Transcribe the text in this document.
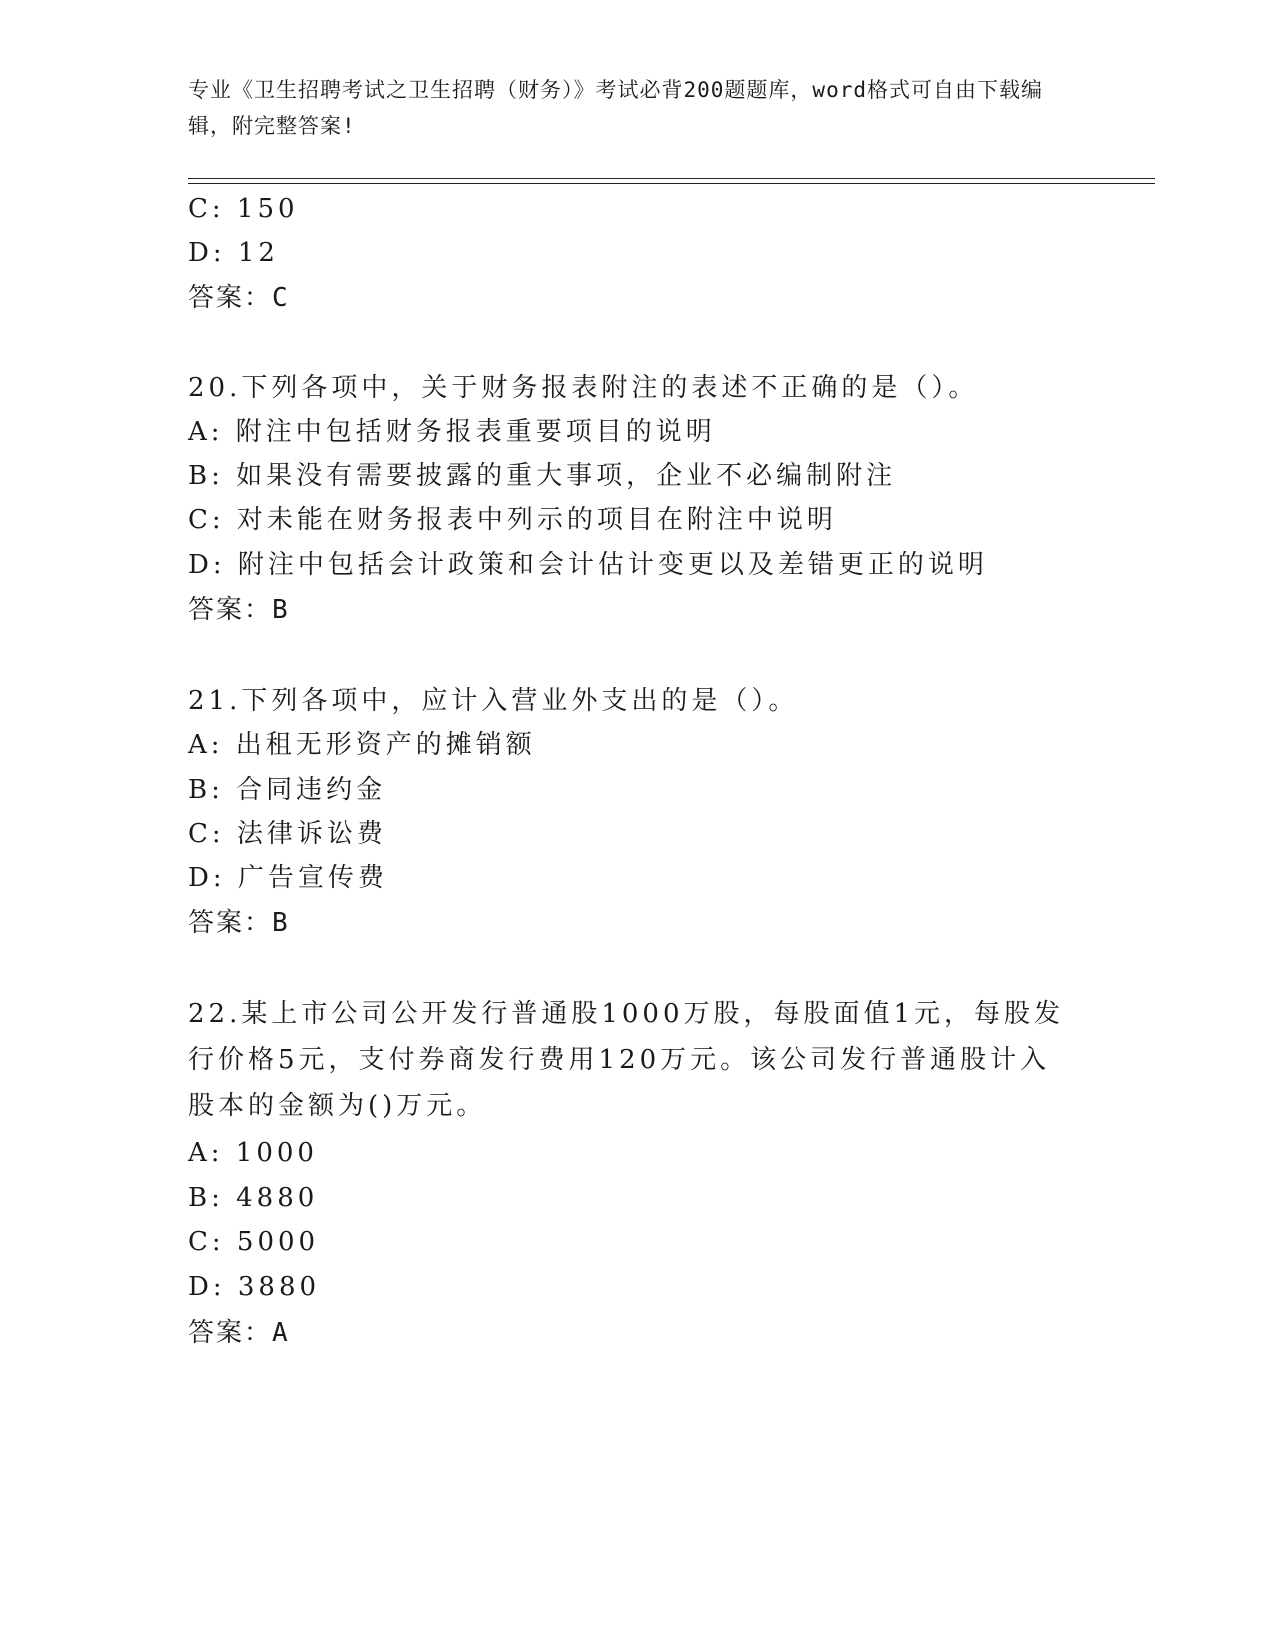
专业《卫生招聘考试之卫生招聘（财务）》考试必背200题题库，word格式可自由下载编辑，附完整答案!
C: 150
D: 12
答案：C
20.下列各项中，关于财务报表附注的表述不正确的是（）。
A: 附注中包括财务报表重要项目的说明
B: 如果没有需要披露的重大事项，企业不必编制附注
C: 对未能在财务报表中列示的项目在附注中说明
D: 附注中包括会计政策和会计估计变更以及差错更正的说明
答案：B
21.下列各项中，应计入营业外支出的是（）。
A: 出租无形资产的摊销额
B: 合同违约金
C: 法律诉讼费
D: 广告宣传费
答案：B
22.某上市公司公开发行普通股1000万股，每股面值1元，每股发行价格5元，支付券商发行费用120万元。该公司发行普通股计入股本的金额为()万元。
A: 1000
B: 4880
C: 5000
D: 3880
答案：A
